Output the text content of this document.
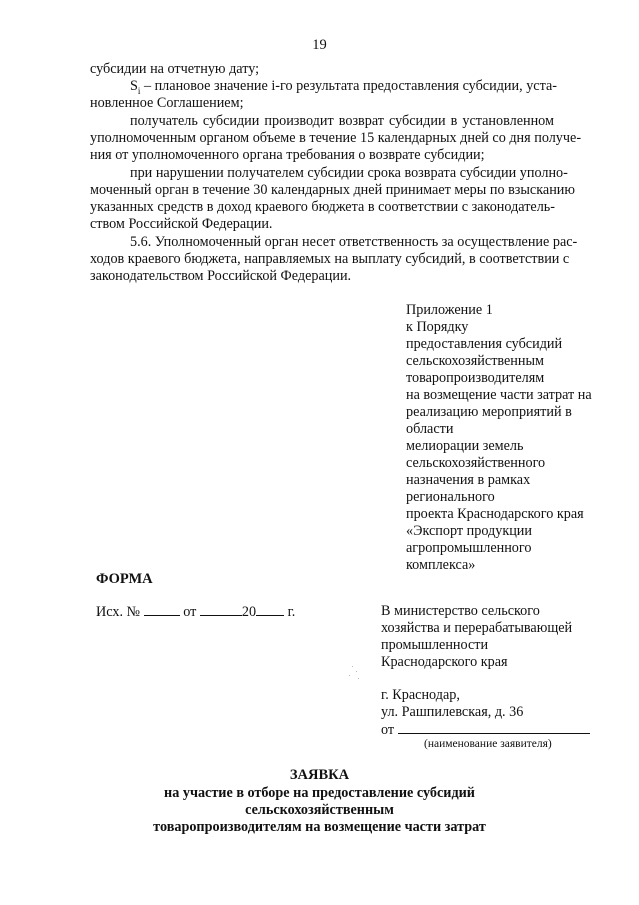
19
субсидии на отчетную дату;
$S_i$ – плановое значение i-го результата предоставления субсидии, уста-
новленное Соглашением;
получатель субсидии производит возврат субсидии в установленном
уполномоченным органом объеме в течение 15 календарных дней со дня получе-
ния от уполномоченного органа требования о возврате субсидии;
при нарушении получателем субсидии срока возврата субсидии уполно-
моченный орган в течение 30 календарных дней принимает меры по взысканию
указанных средств в доход краевого бюджета в соответствии с законодатель-
ством Российской Федерации.
5.6. Уполномоченный орган несет ответственность за осуществление рас-
ходов краевого бюджета, направляемых на выплату субсидий, в соответствии с
законодательством Российской Федерации.
Приложение 1
к Порядку
предоставления субсидий
сельскохозяйственным
товаропроизводителям
на возмещение части затрат на
реализацию мероприятий в
области
мелиорации земель
сельскохозяйственного
назначения в рамках
регионального
проекта Краснодарского края
«Экспорт продукции
агропромышленного
комплекса»
ФОРМА
Исх. №	от	20 г.	В министерство сельского
хозяйства и перерабатывающей
промышленности
Краснодарского края
г. Краснодар,
ул. Рашпилевская, д. 36
от
(наименование заявителя)
ЗАЯВКА
на участие в отборе на предоставление субсидий
сельскохозяйственным
товаропроизводителям на возмещение части затрат
